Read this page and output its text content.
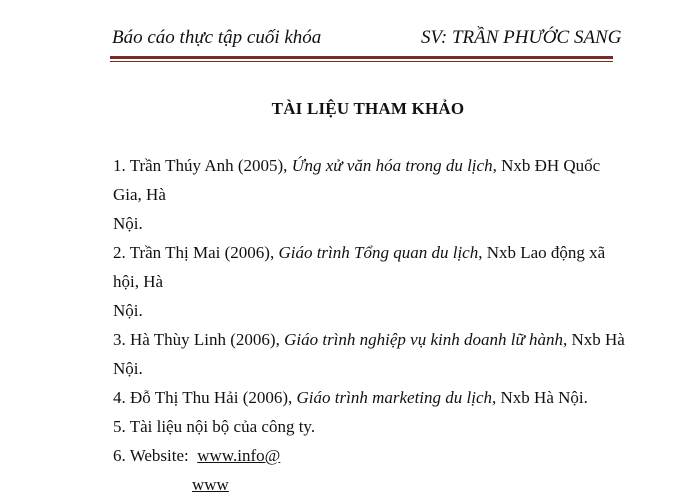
Báo cáo thực tập cuối khóa	SV: TRẦN PHƯỚC SANG
TÀI LIỆU THAM KHẢO

1. Trần Thúy Anh (2005), Ứng xử văn hóa trong du lịch, Nxb ĐH Quốc Gia, Hà
Nội.

2. Trần Thị Mai (2006), Giáo trình Tổng quan du lịch, Nxb Lao động xã hội, Hà
Nội.

3. Hà Thùy Linh (2006), Giáo trình nghiệp vụ kinh doanh lữ hành, Nxb Hà Nội.

4. Đỗ Thị Thu Hải (2006), Giáo trình marketing du lịch, Nxb Hà Nội.

5. Tài liệu nội bộ của công ty.

6. Website:  www.info@
www
